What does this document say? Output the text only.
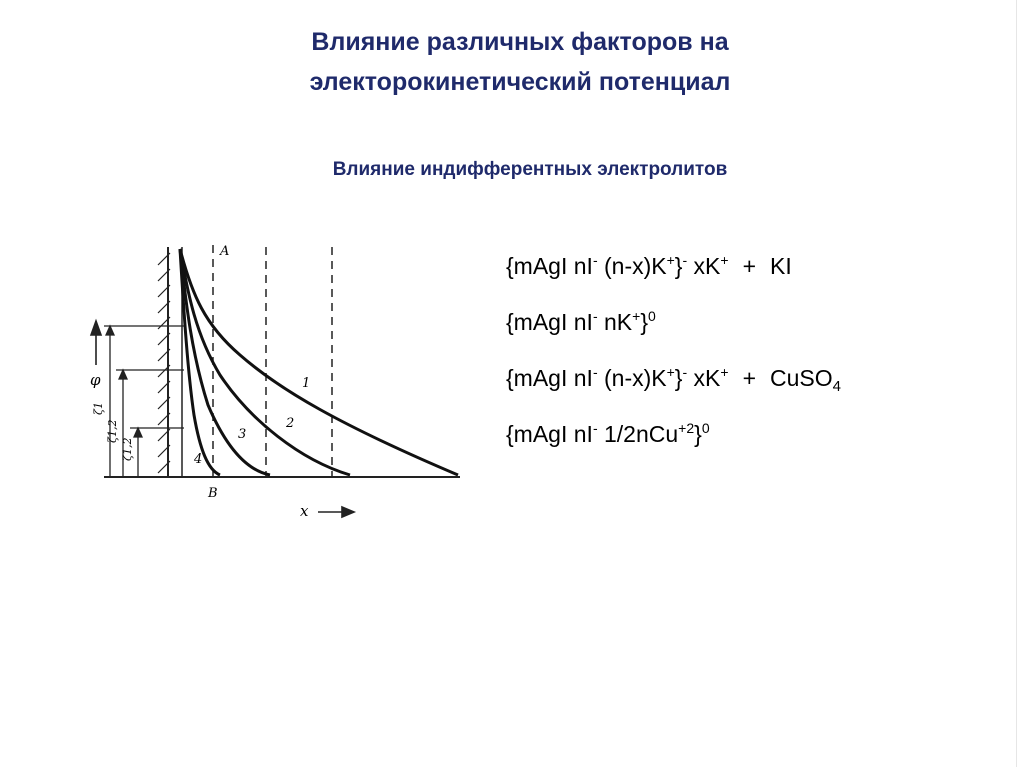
Влияние различных факторов на
электорокинетический потенциал
Влияние индифферентных электролитов
A
B
φ
x
ζ1
ζ1,2
ζ1,2
1
2
3
4
{mAgI nI- (n-x)K+}- xK+ + KI
{mAgI nI- nK+}$^0$
{mAgI nI- (n-x)K+}- xK+ + CuSO$_4$
{mAgI nI- 1/2nCu$^{+2}$}$^0$
